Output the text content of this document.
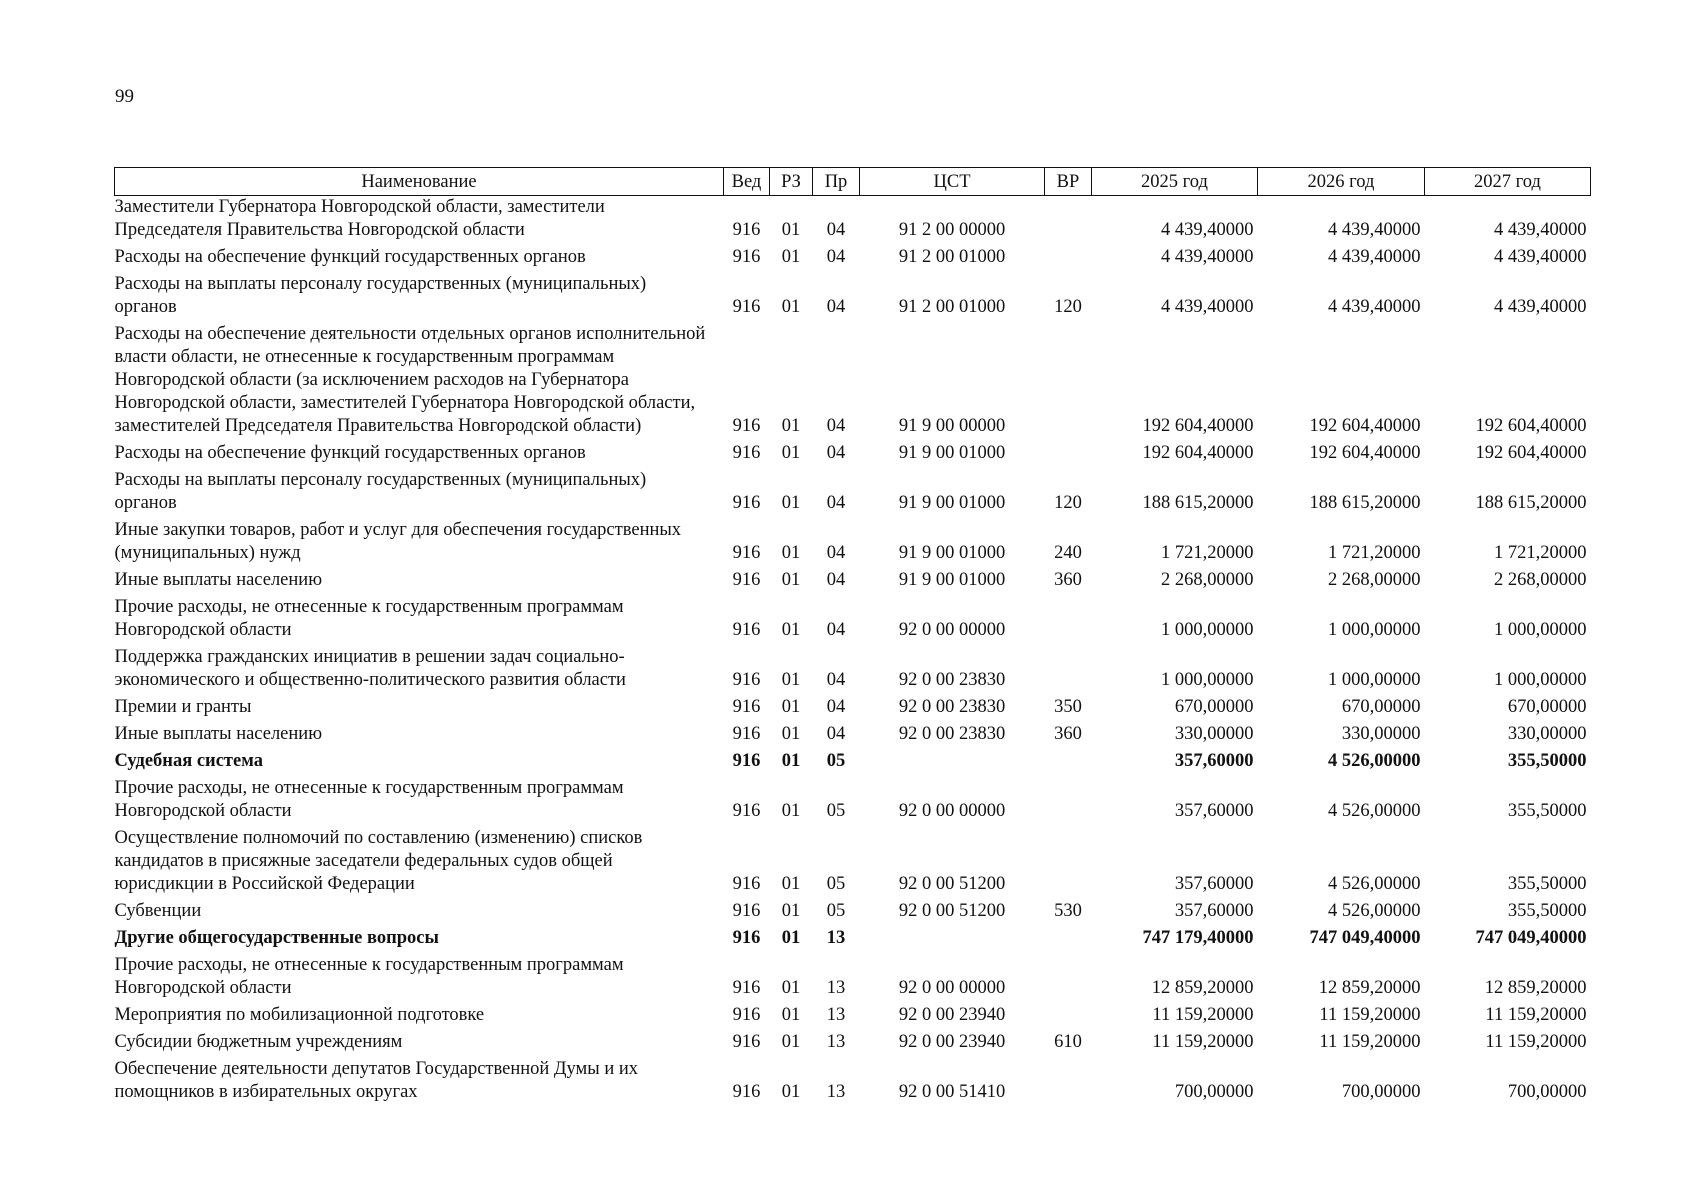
99
Наименование	Вед	РЗ	Пр	ЦСТ	ВР	2025 год	2026 год	2027 год
Заместители Губернатора Новгородской области, заместители Председателя Правительства Новгородской области	916	01	04	91 2 00 00000		4 439,40000	4 439,40000	4 439,40000
Расходы на обеспечение функций государственных органов	916	01	04	91 2 00 01000		4 439,40000	4 439,40000	4 439,40000
Расходы на выплаты персоналу государственных (муниципальных) органов	916	01	04	91 2 00 01000	120	4 439,40000	4 439,40000	4 439,40000
Расходы на обеспечение деятельности отдельных органов исполнительной власти области, не отнесенные к государственным программам Новгородской области (за исключением расходов на Губернатора Новгородской области, заместителей Губернатора Новгородской области, заместителей Председателя Правительства Новгородской области)	916	01	04	91 9 00 00000		192 604,40000	192 604,40000	192 604,40000
Расходы на обеспечение функций государственных органов	916	01	04	91 9 00 01000		192 604,40000	192 604,40000	192 604,40000
Расходы на выплаты персоналу государственных (муниципальных) органов	916	01	04	91 9 00 01000	120	188 615,20000	188 615,20000	188 615,20000
Иные закупки товаров, работ и услуг для обеспечения государственных (муниципальных) нужд	916	01	04	91 9 00 01000	240	1 721,20000	1 721,20000	1 721,20000
Иные выплаты населению	916	01	04	91 9 00 01000	360	2 268,00000	2 268,00000	2 268,00000
Прочие расходы, не отнесенные к государственным программам Новгородской области	916	01	04	92 0 00 00000		1 000,00000	1 000,00000	1 000,00000
Поддержка гражданских инициатив в решении задач социально-экономического и общественно-политического развития области	916	01	04	92 0 00 23830		1 000,00000	1 000,00000	1 000,00000
Премии и гранты	916	01	04	92 0 00 23830	350	670,00000	670,00000	670,00000
Иные выплаты населению	916	01	04	92 0 00 23830	360	330,00000	330,00000	330,00000
Судебная система	916	01	05			357,60000	4 526,00000	355,50000
Прочие расходы, не отнесенные к государственным программам Новгородской области	916	01	05	92 0 00 00000		357,60000	4 526,00000	355,50000
Осуществление полномочий по составлению (изменению) списков кандидатов в присяжные заседатели федеральных судов общей юрисдикции в Российской Федерации	916	01	05	92 0 00 51200		357,60000	4 526,00000	355,50000
Субвенции	916	01	05	92 0 00 51200	530	357,60000	4 526,00000	355,50000
Другие общегосударственные вопросы	916	01	13			747 179,40000	747 049,40000	747 049,40000
Прочие расходы, не отнесенные к государственным программам Новгородской области	916	01	13	92 0 00 00000		12 859,20000	12 859,20000	12 859,20000
Мероприятия по мобилизационной подготовке	916	01	13	92 0 00 23940		11 159,20000	11 159,20000	11 159,20000
Субсидии бюджетным учреждениям	916	01	13	92 0 00 23940	610	11 159,20000	11 159,20000	11 159,20000
Обеспечение деятельности депутатов Государственной Думы и их помощников в избирательных округах	916	01	13	92 0 00 51410		700,00000	700,00000	700,00000
